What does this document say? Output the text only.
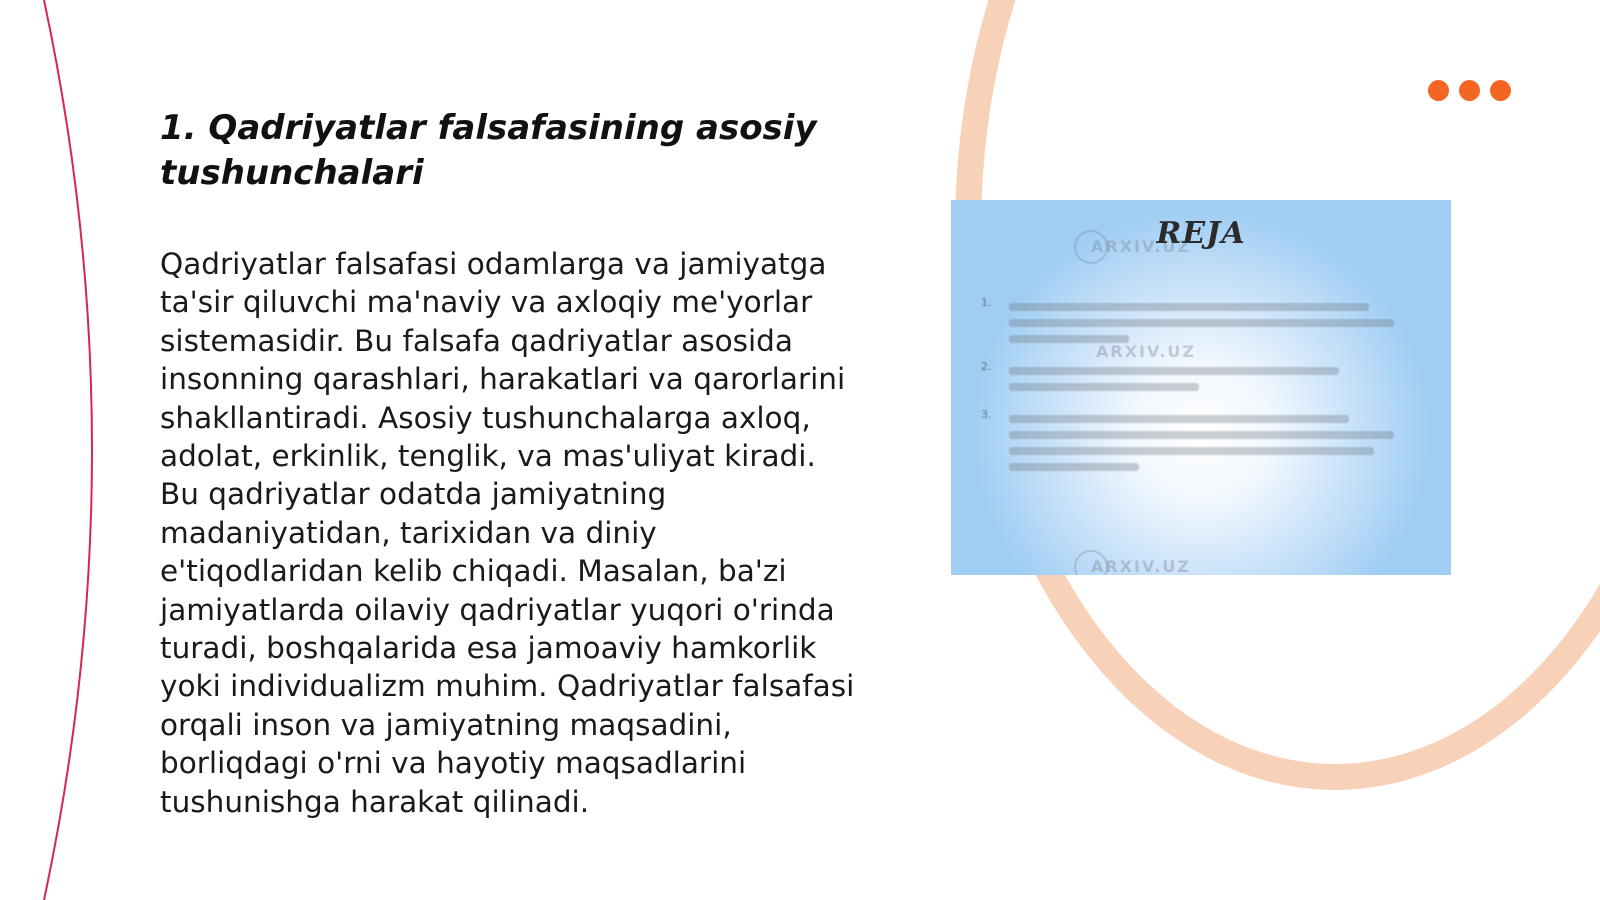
1. Qadriyatlar falsafasining asosiy tushunchalari

Qadriyatlar falsafasi odamlarga va jamiyatga ta'sir qiluvchi ma'naviy va axloqiy me'yorlar sistemasidir. Bu falsafa qadriyatlar asosida insonning qarashlari, harakatlari va qarorlarini shakllantiradi. Asosiy tushunchalarga axloq, adolat, erkinlik, tenglik, va mas'uliyat kiradi. Bu qadriyatlar odatda jamiyatning madaniyatidan, tarixidan va diniy e'tiqodlaridan kelib chiqadi. Masalan, ba'zi jamiyatlarda oilaviy qadriyatlar yuqori o'rinda turadi, boshqalarida esa jamoaviy hamkorlik yoki individualizm muhim. Qadriyatlar falsafasi orqali inson va jamiyatning maqsadini, borliqdagi o'rni va hayotiy maqsadlarini tushunishga harakat qilinadi.

ARXIV.UZ
REJA
1.
2.
3.
ARXIV.UZ
ARXIV.UZ
